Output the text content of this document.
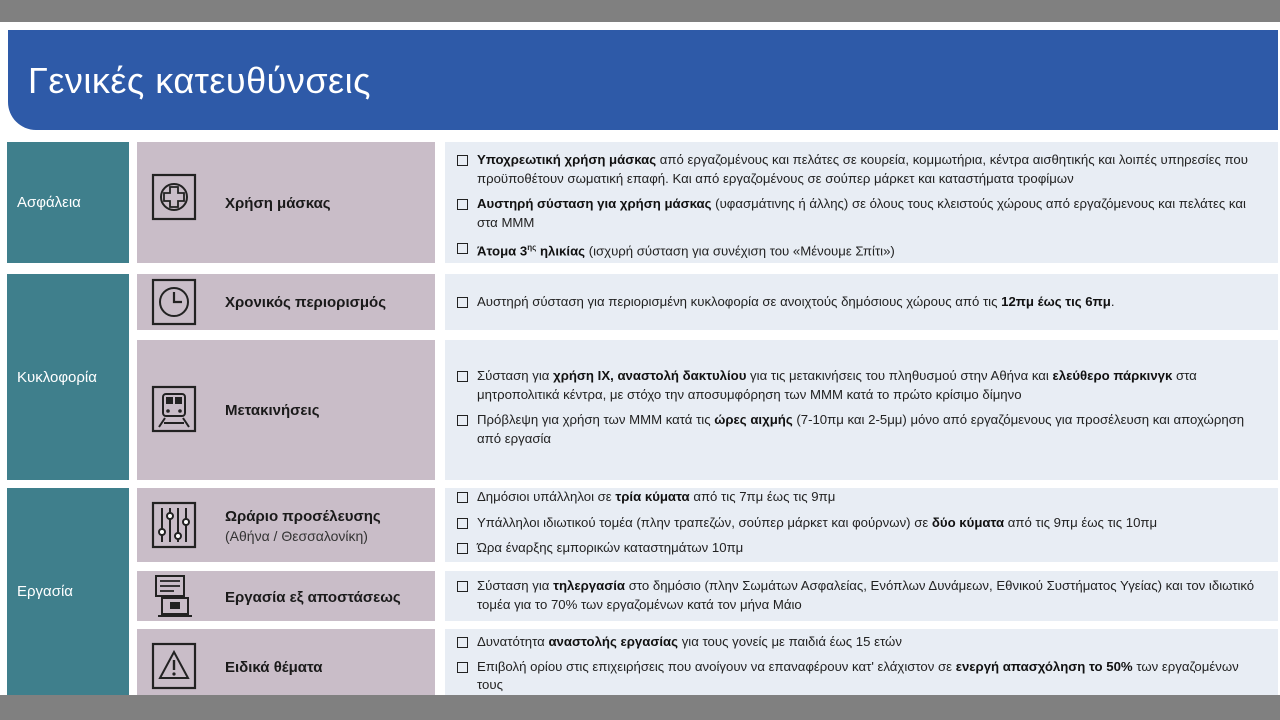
Γενικές κατευθύνσεις
Ασφάλεια
Κυκλοφορία
Εργασία
Χρήση μάσκας
Χρονικός περιορισμός
Μετακινήσεις
Ωράριο προσέλευσης
(Αθήνα / Θεσσαλονίκη)
Εργασία εξ αποστάσεως
Ειδικά θέματα
Υποχρεωτική χρήση μάσκας από εργαζομένους και πελάτες σε κουρεία, κομμωτήρια, κέντρα αισθητικής και λοιπές υπηρεσίες που προϋποθέτουν σωματική επαφή. Και από εργαζομένους σε σούπερ μάρκετ και καταστήματα τροφίμων
Αυστηρή σύσταση για χρήση μάσκας (υφασμάτινης ή άλλης) σε όλους τους κλειστούς χώρους από εργαζόμενους και πελάτες και στα ΜΜΜ
Άτομα $3^{\eta\varsigma}$ ηλικίας (ισχυρή σύσταση για συνέχιση του «Μένουμε Σπίτι»)
Αυστηρή σύσταση για περιορισμένη κυκλοφορία σε ανοιχτούς δημόσιους χώρους από τις 12πμ έως τις 6πμ.
Σύσταση για χρήση ΙΧ, αναστολή δακτυλίου για τις μετακινήσεις του πληθυσμού στην Αθήνα και ελεύθερο πάρκινγκ στα μητροπολιτικά κέντρα, με στόχο την αποσυμφόρηση των ΜΜΜ κατά το πρώτο κρίσιμο δίμηνο
Πρόβλεψη για χρήση των ΜΜΜ κατά τις ώρες αιχμής (7-10πμ και 2-5μμ) μόνο από εργαζόμενους για προσέλευση και αποχώρηση από εργασία
Δημόσιοι υπάλληλοι σε τρία κύματα από τις 7πμ έως τις 9πμ
Υπάλληλοι ιδιωτικού τομέα (πλην τραπεζών, σούπερ μάρκετ και φούρνων) σε δύο κύματα από τις 9πμ έως τις 10πμ
Ώρα έναρξης εμπορικών καταστημάτων 10πμ
Σύσταση για τηλεργασία στο δημόσιο (πλην Σωμάτων Ασφαλείας, Ενόπλων Δυνάμεων, Εθνικού Συστήματος Υγείας) και τον ιδιωτικό τομέα για το 70% των εργαζομένων κατά τον μήνα Μάιο
Δυνατότητα αναστολής εργασίας για τους γονείς με παιδιά έως 15 ετών
Επιβολή ορίου στις επιχειρήσεις που ανοίγουν να επαναφέρουν κατ' ελάχιστον σε ενεργή απασχόληση το 50% των εργαζομένων τους
